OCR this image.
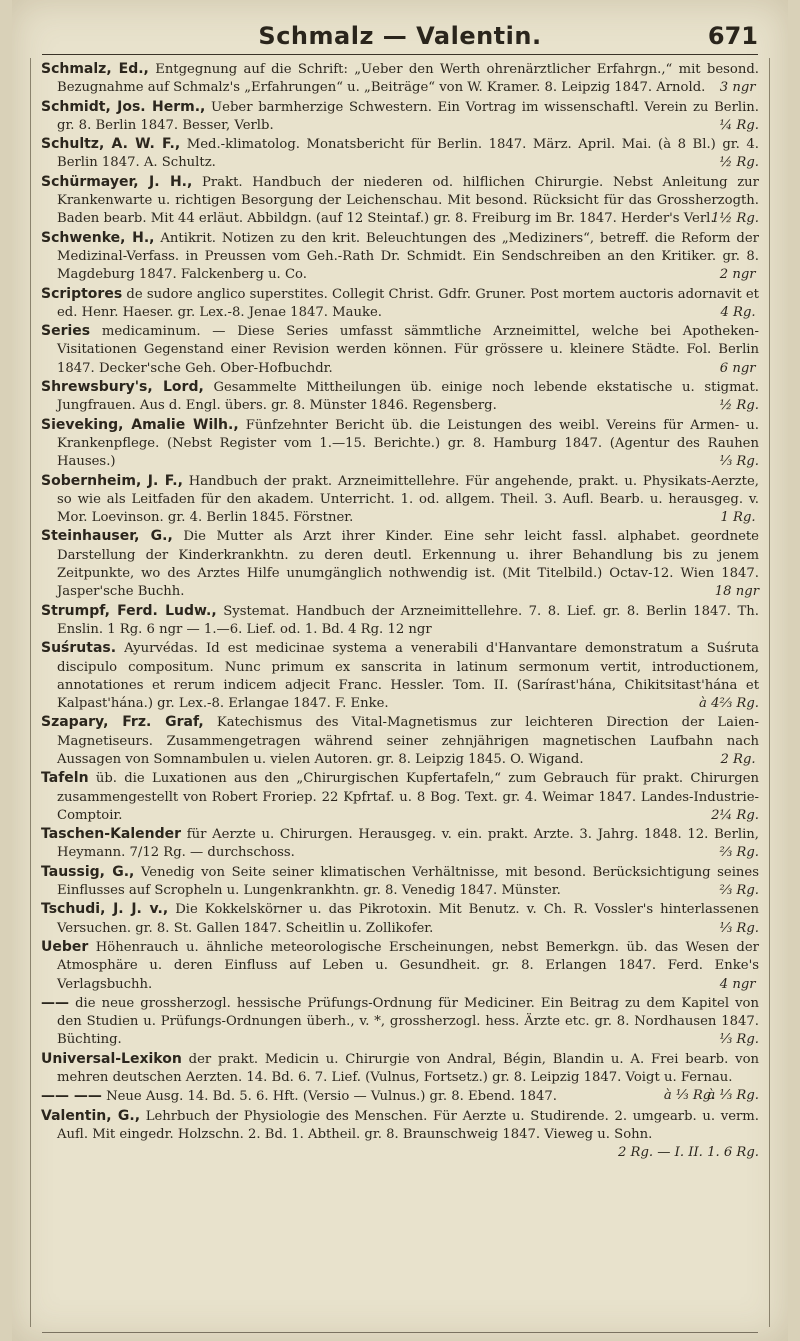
Schmalz — Valentin.	671

Schmalz, Ed., Entgegnung auf die Schrift: „Ueber den Werth ohrenärztlicher Erfahrgn.,“ mit besond. Bezugnahme auf Schmalz's „Erfahrungen“ u. „Beiträge“ von W. Kramer. 8. Leipzig 1847. Arnold. 3 ngr

Schmidt, Jos. Herm., Ueber barmherzige Schwestern. Ein Vortrag im wissenschaftl. Verein zu Berlin. gr. 8. Berlin 1847. Besser, Verlb.	¼ Rg.

Schultz, A. W. F., Med.-klimatolog. Monatsbericht für Berlin. 1847. März. April. Mai. (à 8 Bl.) gr. 4. Berlin 1847. A. Schultz.	½ Rg.

Schürmayer, J. H., Prakt. Handbuch der niederen od. hilflichen Chirurgie. Nebst Anleitung zur Krankenwarte u. richtigen Besorgung der Leichenschau. Mit besond. Rücksicht für das Grossherzogth. Baden bearb. Mit 44 erläut. Abbildgn. (auf 12 Steintaf.) gr. 8. Freiburg im Br. 1847. Herder's Verl.
1½ Rg.

Schwenke, H., Antikrit. Notizen zu den krit. Beleuchtungen des „Mediziners“, betreff. die Reform der Medizinal-Verfass. in Preussen vom Geh.-Rath Dr. Schmidt. Ein Sendschreiben an den Kritiker. gr. 8. Magdeburg 1847. Falckenberg u. Co.	2 ngr

Scriptores de sudore anglico superstites. Collegit Christ. Gdfr. Gruner. Post mortem auctoris adornavit et ed. Henr. Haeser. gr. Lex.-8. Jenae 1847. Mauke.	4 Rg.

Series medicaminum. — Diese Series umfasst sämmtliche Arzneimittel, welche bei Apotheken-Visitationen Gegenstand einer Revision werden können. Für grössere u. kleinere Städte. Fol. Berlin 1847. Decker'sche Geh. Ober-Hofbuchdr.	6 ngr

Shrewsbury's, Lord, Gesammelte Mittheilungen üb. einige noch lebende ekstatische u. stigmat. Jungfrauen. Aus d. Engl. übers. gr. 8. Münster 1846. Regensberg.	½ Rg.

Sieveking, Amalie Wilh., Fünfzehnter Bericht üb. die Leistungen des weibl. Vereins für Armen- u. Krankenpflege. (Nebst Register vom 1.—15. Berichte.) gr. 8. Hamburg 1847. (Agentur des Rauhen Hauses.)	⅓ Rg.

Sobernheim, J. F., Handbuch der prakt. Arzneimittellehre. Für angehende, prakt. u. Physikats-Aerzte, so wie als Leitfaden für den akadem. Unterricht. 1. od. allgem. Theil. 3. Aufl. Bearb. u. herausgeg. v. Mor. Loevinson. gr. 4. Berlin 1845. Förstner.	1 Rg.

Steinhauser, G., Die Mutter als Arzt ihrer Kinder. Eine sehr leicht fassl. alphabet. geordnete Darstellung der Kinderkrankhtn. zu deren deutl. Erkennung u. ihrer Behandlung bis zu jenem Zeitpunkte, wo des Arztes Hilfe unumgänglich nothwendig ist. (Mit Titelbild.) Octav-12. Wien 1847. Jasper'sche Buchh.	18 ngr

Strumpf, Ferd. Ludw., Systemat. Handbuch der Arzneimittellehre. 7. 8. Lief. gr. 8. Berlin 1847. Th. Enslin. 1 Rg. 6 ngr — 1.—6. Lief. od. 1. Bd. 4 Rg. 12 ngr

Suśrutas. Ayurvédas. Id est medicinae systema a venerabili d'Hanvantare demonstratum a Suśruta discipulo compositum. Nunc primum ex sanscrita in latinum sermonum vertit, introductionem, annotationes et rerum indicem adjecit Franc. Hessler. Tom. II. (Sarírast'hána, Chikitsitast'hána et Kalpast'hána.) gr. Lex.-8. Erlangae 1847. F. Enke.	à 4⅔ Rg.

Szapary, Frz. Graf, Katechismus des Vital-Magnetismus zur leichteren Direction der Laien-Magnetiseurs. Zusammengetragen während seiner zehnjährigen magnetischen Laufbahn nach Aussagen von Somnambulen u. vielen Autoren. gr. 8. Leipzig 1845. O. Wigand.	2 Rg.

Tafeln üb. die Luxationen aus den „Chirurgischen Kupfertafeln,“ zum Gebrauch für prakt. Chirurgen zusammengestellt von Robert Froriep. 22 Kpfrtaf. u. 8 Bog. Text. gr. 4. Weimar 1847. Landes-Industrie-Comptoir.	2¼ Rg.

Taschen-Kalender für Aerzte u. Chirurgen. Herausgeg. v. ein. prakt. Arzte. 3. Jahrg. 1848. 12. Berlin, Heymann. 7/12 Rg. — durchschoss.	⅔ Rg.

Taussig, G., Venedig von Seite seiner klimatischen Verhältnisse, mit besond. Berücksichtigung seines Einflusses auf Scropheln u. Lungenkrankhtn. gr. 8. Venedig 1847. Münster.	⅔ Rg.

Tschudi, J. J. v., Die Kokkelskörner u. das Pikrotoxin. Mit Benutz. v. Ch. R. Vossler's hinterlassenen Versuchen. gr. 8. St. Gallen 1847. Scheitlin u. Zollikofer.	⅓ Rg.

Ueber Höhenrauch u. ähnliche meteorologische Erscheinungen, nebst Bemerkgn. üb. das Wesen der Atmosphäre u. deren Einfluss auf Leben u. Gesundheit. gr. 8. Erlangen 1847. Ferd. Enke's Verlagsbuchh.	4 ngr

—— die neue grossherzogl. hessische Prüfungs-Ordnung für Mediciner. Ein Beitrag zu dem Kapitel von den Studien u. Prüfungs-Ordnungen überh., v. *, grossherzogl. hess. Ärzte etc. gr. 8. Nordhausen 1847. Büchting.	⅓ Rg.

Universal-Lexikon der prakt. Medicin u. Chirurgie von Andral, Bégin, Blandin u. A. Frei bearb. von mehren deutschen Aerzten. 14. Bd. 6. 7. Lief. (Vulnus, Fortsetz.) gr. 8. Leipzig 1847. Voigt u. Fernau.
à ⅓ Rg.

—— —— Neue Ausg. 14. Bd. 5. 6. Hft. (Versio — Vulnus.) gr. 8. Ebend. 1847.	à ⅓ Rg.

Valentin, G., Lehrbuch der Physiologie des Menschen. Für Aerzte u. Studirende. 2. umgearb. u. verm. Aufl. Mit eingedr. Holzschn. 2. Bd. 1. Abtheil. gr. 8. Braunschweig 1847. Vieweg u. Sohn.
2 Rg. — I. II. 1. 6 Rg.
